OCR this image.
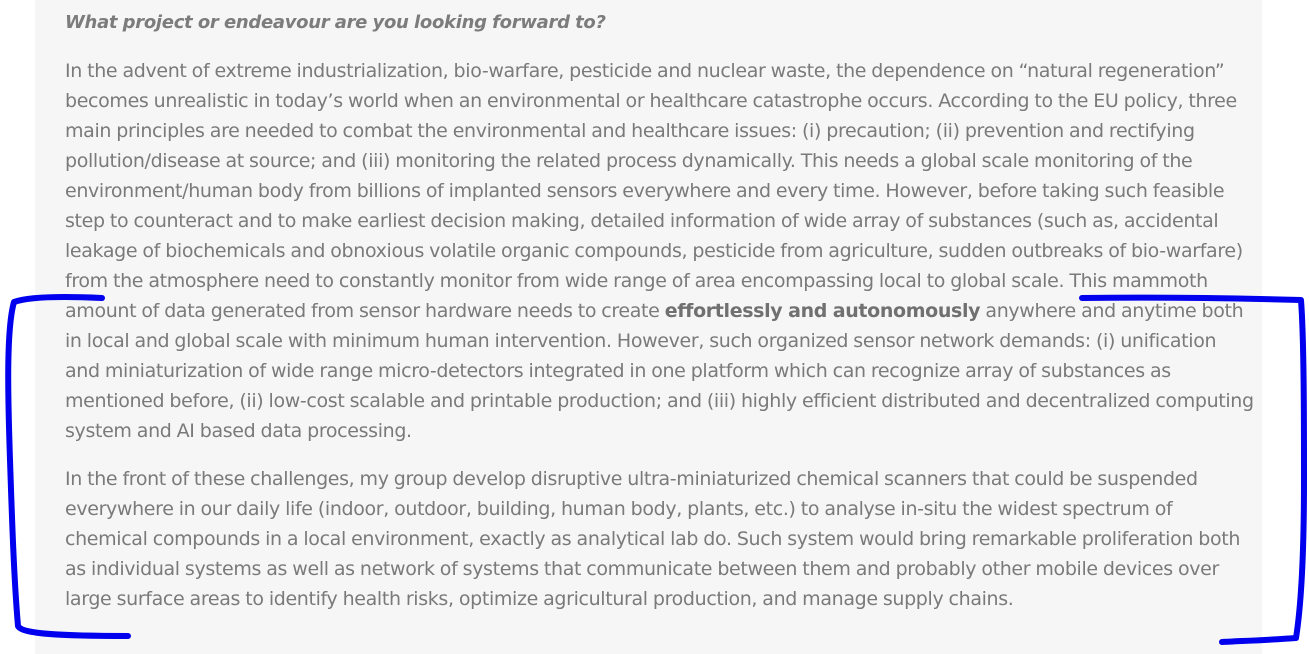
What project or endeavour are you looking forward to?

In the advent of extreme industrialization, bio-warfare, pesticide and nuclear waste, the dependence on “natural regeneration” becomes unrealistic in today’s world when an environmental or healthcare catastrophe occurs. According to the EU policy, three main principles are needed to combat the environmental and healthcare issues: (i) precaution; (ii) prevention and rectifying pollution/disease at source; and (iii) monitoring the related process dynamically. This needs a global scale monitoring of the environment/human body from billions of implanted sensors everywhere and every time. However, before taking such feasible step to counteract and to make earliest decision making, detailed information of wide array of substances (such as, accidental leakage of biochemicals and obnoxious volatile organic compounds, pesticide from agriculture, sudden outbreaks of bio-warfare) from the atmosphere need to constantly monitor from wide range of area encompassing local to global scale. This mammoth amount of data generated from sensor hardware needs to create effortlessly and autonomously anywhere and anytime both in local and global scale with minimum human intervention. However, such organized sensor network demands: (i) unification and miniaturization of wide range micro-detectors integrated in one platform which can recognize array of substances as mentioned before, (ii) low-cost scalable and printable production; and (iii) highly efficient distributed and decentralized computing system and AI based data processing.

In the front of these challenges, my group develop disruptive ultra-miniaturized chemical scanners that could be suspended everywhere in our daily life (indoor, outdoor, building, human body, plants, etc.) to analyse in-situ the widest spectrum of chemical compounds in a local environment, exactly as analytical lab do. Such system would bring remarkable proliferation both as individual systems as well as network of systems that communicate between them and probably other mobile devices over large surface areas to identify health risks, optimize agricultural production, and manage supply chains.
